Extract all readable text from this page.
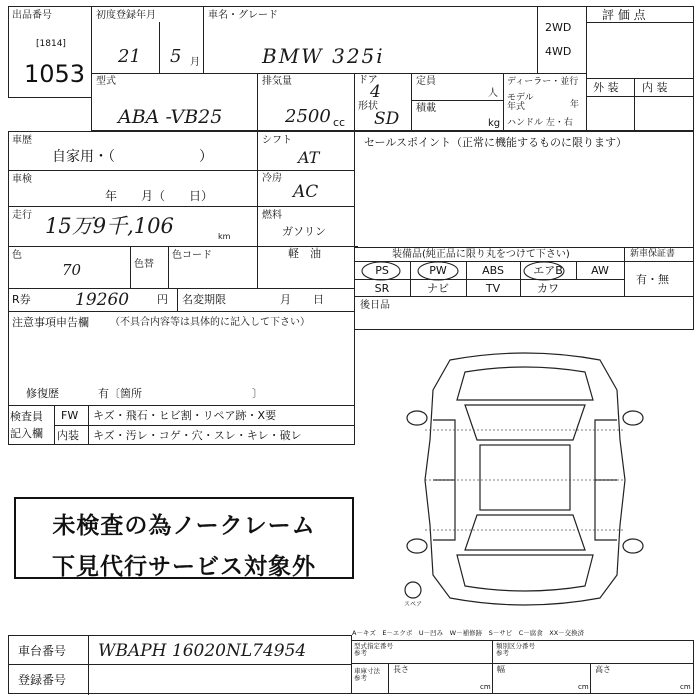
出品番号
[1814]
1053
初度登録年月
21 5 月
車名・グレード
BMW 325i
2WD
4WD
評 価 点
外 装 内 装
型式
ABA -VB25
排気量
2500 cc
ドア
4
形状
SD
定員
人
積載
kg
ディーラー・並行
モデル 年式	年
ハンドル 左・右
車歴
自家用・（　　　　　　）
車検
年　　月（　　日）
走行 15万9千,106	km
シフト
AT
冷房
AC
燃料
ガソリン
軽　油
色
70	色替
色コード
R券	19260	円 名変期限	月　　日
セールスポイント（正常に機能するものに限ります）
装備品(純正品に限り丸をつけて下さい)
PS	PW	ABS	エアB	AW
SR	ナビ	TV	カワ
新車保証書
有・無
後日品
注意事項申告欄 （不具合内容等は具体的に記入して下さい）
修復歴	有〔箇所　　　　　　　　　　〕
検査員
記入欄
FW キズ・飛石・ヒビ割・リペア跡・X要
内装 キズ・汚レ・コゲ・穴・スレ・キレ・破レ
未検査の為ノークレーム
下見代行サービス対象外
スペア
A－キズ　E－エクボ　U－凹み　W－補修跡　S－サビ　C－腐食　XX－交換済
車台番号 WBAPH 16020NL74954
登録番号
型式指定番号 参考
類別区分番号 参考
車庫寸法 参考
長さ
cm
幅
cm
高さ
cm
